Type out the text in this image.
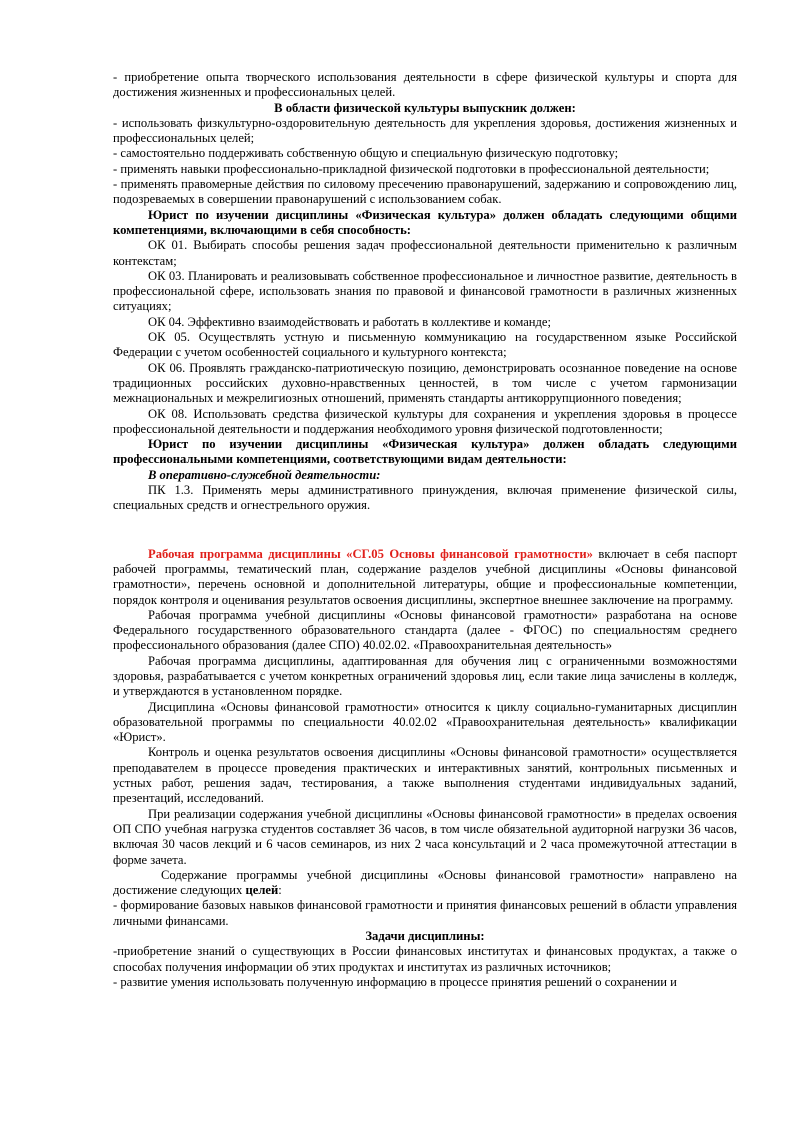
- приобретение опыта творческого использования деятельности в сфере физической культуры и спорта для достижения жизненных и профессиональных целей.

В области физической культуры выпускник должен:

- использовать физкультурно-оздоровительную деятельность для укрепления здоровья, достижения жизненных и профессиональных целей;

- самостоятельно поддерживать собственную общую и специальную физическую подготовку;

- применять навыки профессионально-прикладной физической подготовки в профессиональной деятельности;

- применять правомерные действия по силовому пресечению правонарушений, задержанию и сопровождению лиц, подозреваемых в совершении правонарушений с использованием собак.

Юрист по изучении дисциплины «Физическая культура» должен обладать следующими общими компетенциями, включающими в себя способность:

ОК 01. Выбирать способы решения задач профессиональной деятельности применительно к различным контекстам;

ОК 03. Планировать и реализовывать собственное профессиональное и личностное развитие, деятельность в профессиональной сфере, использовать знания по правовой и финансовой грамотности в различных жизненных ситуациях;

ОК 04. Эффективно взаимодействовать и работать в коллективе и команде;

ОК 05. Осуществлять устную и письменную коммуникацию на государственном языке Российской Федерации с учетом особенностей социального и культурного контекста;

ОК 06. Проявлять гражданско-патриотическую позицию, демонстрировать осознанное поведение на основе традиционных российских духовно-нравственных ценностей, в том числе с учетом гармонизации межнациональных и межрелигиозных отношений, применять стандарты антикоррупционного поведения;

ОК 08. Использовать средства физической культуры для сохранения и укрепления здоровья в процессе профессиональной деятельности и поддержания необходимого уровня физической подготовленности;

Юрист по изучении дисциплины «Физическая культура» должен обладать следующими профессиональными компетенциями, соответствующими видам деятельности:

В оперативно-служебной деятельности:

ПК 1.3. Применять меры административного принуждения, включая применение физической силы, специальных средств и огнестрельного оружия.

Рабочая программа дисциплины «СГ.05 Основы финансовой грамотности» включает в себя паспорт рабочей программы, тематический план, содержание разделов учебной дисциплины «Основы финансовой грамотности», перечень основной и дополнительной литературы, общие и профессиональные компетенции, порядок контроля и оценивания результатов освоения дисциплины, экспертное внешнее заключение на программу.

Рабочая программа учебной дисциплины «Основы финансовой грамотности» разработана на основе Федерального государственного образовательного стандарта (далее - ФГОС) по специальностям среднего профессионального образования (далее СПО) 40.02.02. «Правоохранительная деятельность»

Рабочая программа дисциплины, адаптированная для обучения лиц с ограниченными возможностями здоровья, разрабатывается с учетом конкретных ограничений здоровья лиц, если такие лица зачислены в колледж, и утверждаются в установленном порядке.

Дисциплина «Основы финансовой грамотности» относится к циклу социально-гуманитарных дисциплин образовательной программы по специальности 40.02.02 «Правоохранительная деятельность» квалификации «Юрист».

Контроль и оценка результатов освоения дисциплины «Основы финансовой грамотности» осуществляется преподавателем в процессе проведения практических и интерактивных занятий, контрольных письменных и устных работ, решения задач, тестирования, а также выполнения студентами индивидуальных заданий, презентаций, исследований.

При реализации содержания учебной дисциплины «Основы финансовой грамотности» в пределах освоения ОП СПО учебная нагрузка студентов составляет 36 часов, в том числе обязательной аудиторной нагрузки 36 часов, включая 30 часов лекций и 6 часов семинаров, из них 2 часа консультаций и 2 часа промежуточной аттестации в форме зачета.

Содержание программы учебной дисциплины «Основы финансовой грамотности» направлено на достижение следующих целей:

- формирование базовых навыков финансовой грамотности и принятия финансовых решений в области управления личными финансами.

Задачи дисциплины:

-приобретение знаний о существующих в России финансовых институтах и финансовых продуктах, а также о способах получения информации об этих продуктах и институтах из различных источников;

- развитие умения использовать полученную информацию в процессе принятия решений о сохранении и
